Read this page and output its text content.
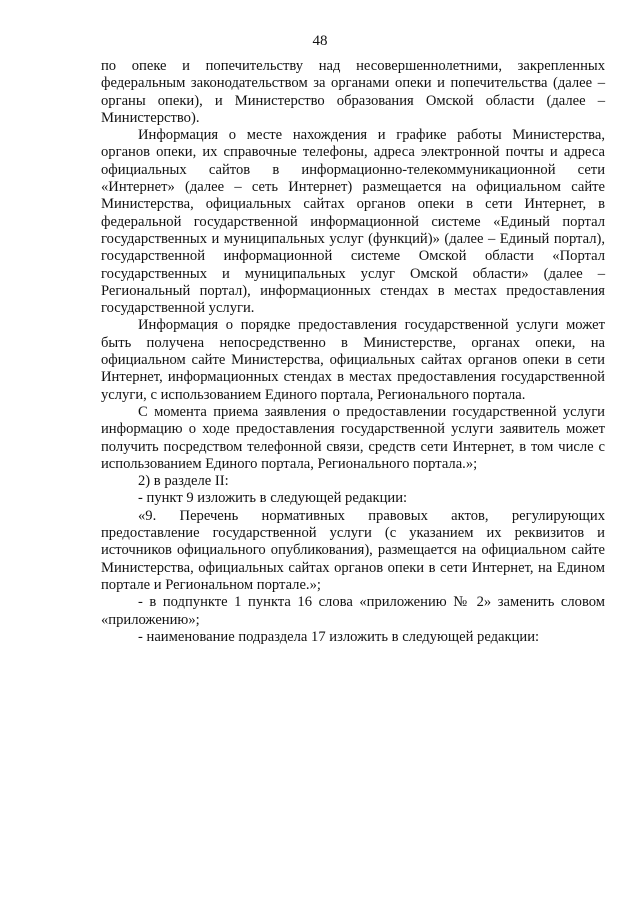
48

по опеке и попечительству над несовершеннолетними, закрепленных федеральным законодательством за органами опеки и попечительства (далее – органы опеки), и Министерство образования Омской области (далее – Министерство).

Информация о месте нахождения и графике работы Министерства, органов опеки, их справочные телефоны, адреса электронной почты и адреса официальных сайтов в информационно-телекоммуникационной сети «Интернет» (далее – сеть Интернет) размещается на официальном сайте Министерства, официальных сайтах органов опеки в сети Интернет, в федеральной государственной информационной системе «Единый портал государственных и муниципальных услуг (функций)» (далее – Единый портал), государственной информационной системе Омской области «Портал государственных и муниципальных услуг Омской области» (далее – Региональный портал), информационных стендах в местах предоставления государственной услуги.

Информация о порядке предоставления государственной услуги может быть получена непосредственно в Министерстве, органах опеки, на официальном сайте Министерства, официальных сайтах органов опеки в сети Интернет, информационных стендах в местах предоставления государственной услуги, с использованием Единого портала, Регионального портала.

С момента приема заявления о предоставлении государственной услуги информацию о ходе предоставления государственной услуги заявитель может получить посредством телефонной связи, средств сети Интернет, в том числе с использованием Единого портала, Регионального портала.»;

2) в разделе II:

- пункт 9 изложить в следующей редакции:

«9. Перечень нормативных правовых актов, регулирующих предоставление государственной услуги (с указанием их реквизитов и источников официального опубликования), размещается на официальном сайте Министерства, официальных сайтах органов опеки в сети Интернет, на Едином портале и Региональном портале.»;

- в подпункте 1 пункта 16 слова «приложению № 2» заменить словом «приложению»;

- наименование подраздела 17 изложить в следующей редакции:
